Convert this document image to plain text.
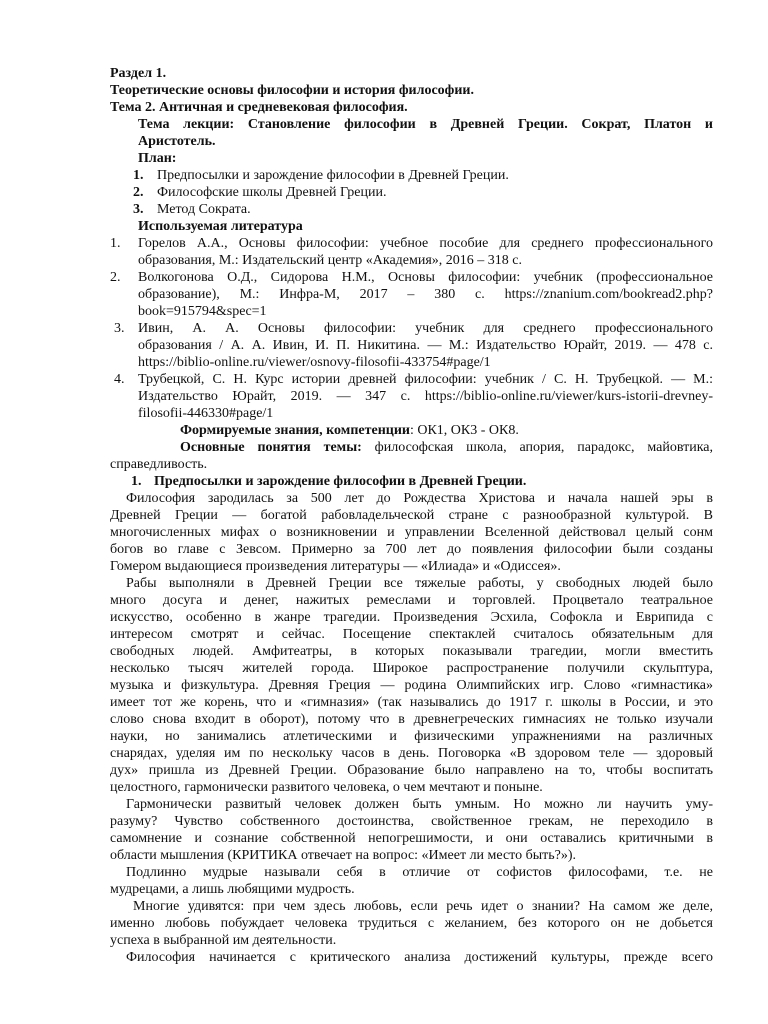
Раздел 1.
Теоретические основы философии и история философии.
Тема 2. Античная и средневековая философия.
Тема лекции: Становление философии в Древней Греции. Сократ, Платон и
Аристотель.
План:
1. Предпосылки и зарождение философии в Древней Греции.
2. Философские школы Древней Греции.
3. Метод Сократа.
Используемая литература
1. Горелов А.А., Основы философии: учебное пособие для среднего профессионального
образования, М.: Издательский центр «Академия», 2016 – 318 с.
2. Волкогонова О.Д., Сидорова Н.М., Основы философии: учебник (профессиональное
образование), М.: Инфра-М, 2017 – 380 с. https://znanium.com/bookread2.php?
book=915794&spec=1
3. Ивин, А. А. Основы философии: учебник для среднего профессионального
образования / А. А. Ивин, И. П. Никитина. — М.: Издательство Юрайт, 2019. — 478 с.
https://biblio-online.ru/viewer/osnovy-filosofii-433754#page/1
4. Трубецкой, С. Н. Курс истории древней философии: учебник / С. Н. Трубецкой. — М.:
Издательство Юрайт, 2019. — 347 с. https://biblio-online.ru/viewer/kurs-istorii-drevney-
filosofii-446330#page/1
Формируемые знания, компетенции: ОК1, ОК3 - ОК8.
Основные понятия темы: философская школа, апория, парадокс, майовтика,
справедливость.
1. Предпосылки и зарождение философии в Древней Греции.
Философия зародилась за 500 лет до Рождества Христова и начала нашей эры в
Древней Греции — богатой рабовладельческой стране с разнообразной культурой. В
многочисленных мифах о возникновении и управлении Вселенной действовал целый сонм
богов во главе с Зевсом. Примерно за 700 лет до появления философии были созданы
Гомером выдающиеся произведения литературы — «Илиада» и «Одиссея».
Рабы выполняли в Древней Греции все тяжелые работы, у свободных людей было
много досуга и денег, нажитых ремеслами и торговлей. Процветало театральное
искусство, особенно в жанре трагедии. Произведения Эсхила, Софокла и Еврипида с
интересом смотрят и сейчас. Посещение спектаклей считалось обязательным для
свободных людей. Амфитеатры, в которых показывали трагедии, могли вместить
несколько тысяч жителей города. Широкое распространение получили скульптура,
музыка и физкультура. Древняя Греция — родина Олимпийских игр. Слово «гимнастика»
имеет тот же корень, что и «гимназия» (так назывались до 1917 г. школы в России, и это
слово снова входит в оборот), потому что в древнегреческих гимнасиях не только изучали
науки, но занимались атлетическими и физическими упражнениями на различных
снарядах, уделяя им по нескольку часов в день. Поговорка «В здоровом теле — здоровый
дух» пришла из Древней Греции. Образование было направлено на то, чтобы воспитать
целостного, гармонически развитого человека, о чем мечтают и поныне.
Гармонически развитый человек должен быть умным. Но можно ли научить уму-
разуму? Чувство собственного достоинства, свойственное грекам, не переходило в
самомнение и сознание собственной непогрешимости, и они оставались критичными в
области мышления (КРИТИКА отвечает на вопрос: «Имеет ли место быть?»).
Подлинно мудрые называли себя в отличие от софистов философами, т.е. не
мудрецами, а лишь любящими мудрость.
Многие удивятся: при чем здесь любовь, если речь идет о знании? На самом же деле,
именно любовь побуждает человека трудиться с желанием, без которого он не добьется
успеха в выбранной им деятельности.
Философия начинается с критического анализа достижений культуры, прежде всего
